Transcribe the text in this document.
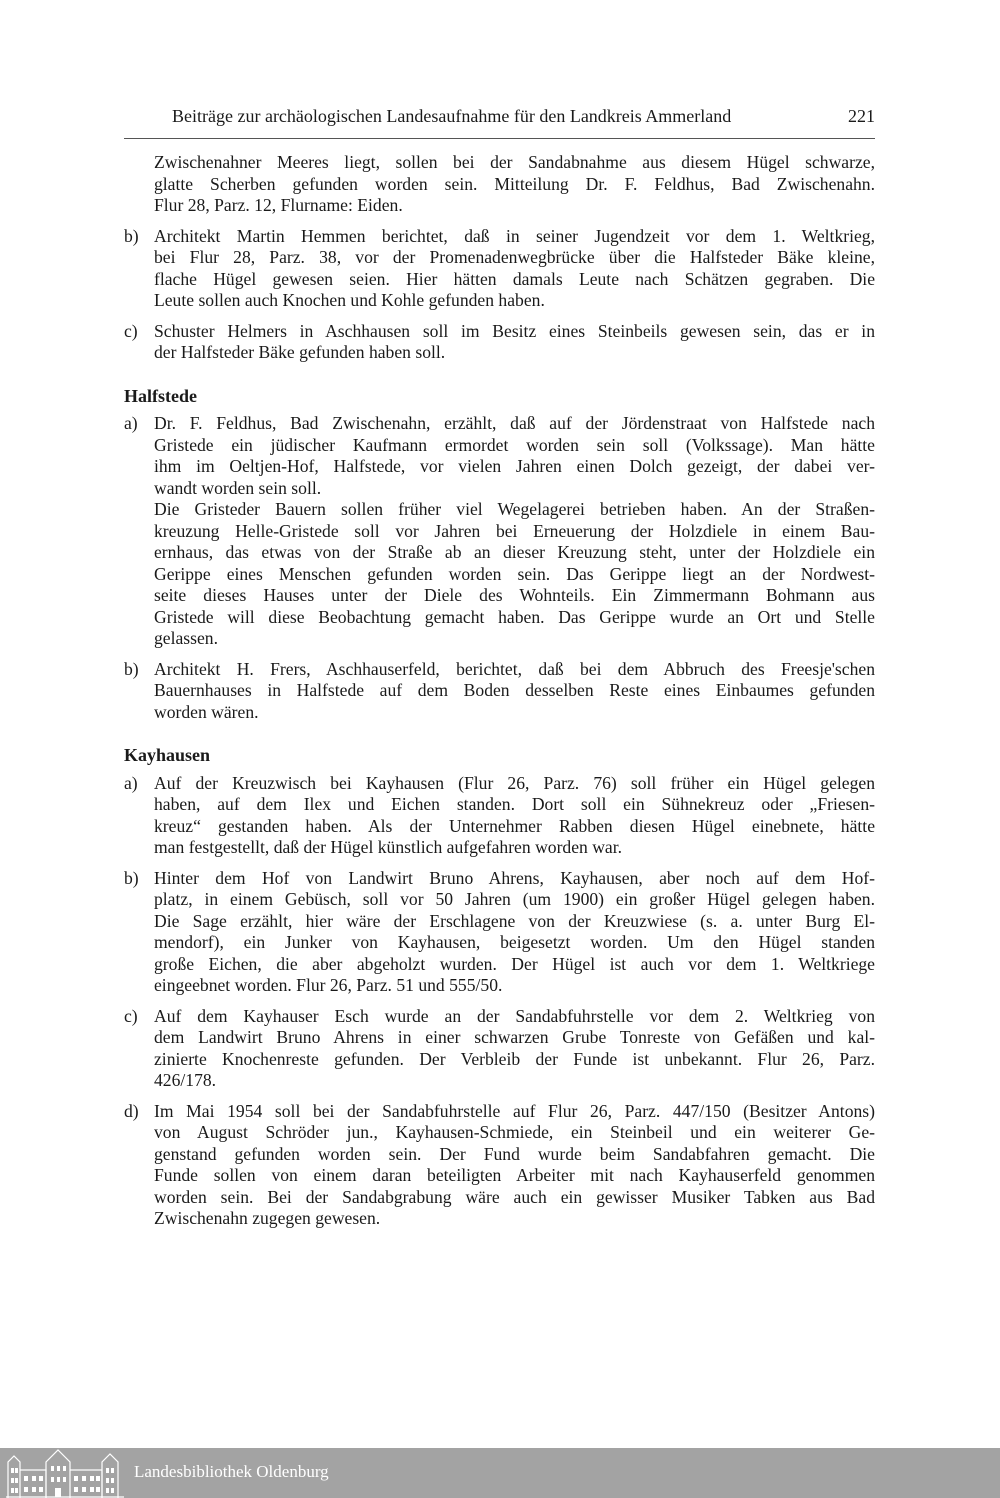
Beiträge zur archäologischen Landesaufnahme für den Landkreis Ammerland	221
Zwischenahner Meeres liegt, sollen bei der Sandabnahme aus diesem Hügel schwarze,
glatte Scherben gefunden worden sein. Mitteilung Dr. F. Feldhus, Bad Zwischenahn.
Flur 28, Parz. 12, Flurname: Eiden.
b) Architekt Martin Hemmen berichtet, daß in seiner Jugendzeit vor dem 1. Weltkrieg,
bei Flur 28, Parz. 38, vor der Promenadenwegbrücke über die Halfsteder Bäke kleine,
flache Hügel gewesen seien. Hier hätten damals Leute nach Schätzen gegraben. Die
Leute sollen auch Knochen und Kohle gefunden haben.
c) Schuster Helmers in Aschhausen soll im Besitz eines Steinbeils gewesen sein, das er in
der Halfsteder Bäke gefunden haben soll.
Halfstede
a) Dr. F. Feldhus, Bad Zwischenahn, erzählt, daß auf der Jördenstraat von Halfstede nach
Gristede ein jüdischer Kaufmann ermordet worden sein soll (Volkssage). Man hätte
ihm im Oeltjen-Hof, Halfstede, vor vielen Jahren einen Dolch gezeigt, der dabei ver-
wandt worden sein soll.
Die Gristeder Bauern sollen früher viel Wegelagerei betrieben haben. An der Straßen-
kreuzung Helle-Gristede soll vor Jahren bei Erneuerung der Holzdiele in einem Bau-
ernhaus, das etwas von der Straße ab an dieser Kreuzung steht, unter der Holzdiele ein
Gerippe eines Menschen gefunden worden sein. Das Gerippe liegt an der Nordwest-
seite dieses Hauses unter der Diele des Wohnteils. Ein Zimmermann Bohmann aus
Gristede will diese Beobachtung gemacht haben. Das Gerippe wurde an Ort und Stelle
gelassen.
b) Architekt H. Frers, Aschhauserfeld, berichtet, daß bei dem Abbruch des Freesje'schen
Bauernhauses in Halfstede auf dem Boden desselben Reste eines Einbaumes gefunden
worden wären.
Kayhausen
a) Auf der Kreuzwisch bei Kayhausen (Flur 26, Parz. 76) soll früher ein Hügel gelegen
haben, auf dem Ilex und Eichen standen. Dort soll ein Sühnekreuz oder „Friesen-
kreuz“ gestanden haben. Als der Unternehmer Rabben diesen Hügel einebnete, hätte
man festgestellt, daß der Hügel künstlich aufgefahren worden war.
b) Hinter dem Hof von Landwirt Bruno Ahrens, Kayhausen, aber noch auf dem Hof-
platz, in einem Gebüsch, soll vor 50 Jahren (um 1900) ein großer Hügel gelegen haben.
Die Sage erzählt, hier wäre der Erschlagene von der Kreuzwiese (s. a. unter Burg El-
mendorf), ein Junker von Kayhausen, beigesetzt worden. Um den Hügel standen
große Eichen, die aber abgeholzt wurden. Der Hügel ist auch vor dem 1. Weltkriege
eingeebnet worden. Flur 26, Parz. 51 und 555/50.
c) Auf dem Kayhauser Esch wurde an der Sandabfuhrstelle vor dem 2. Weltkrieg von
dem Landwirt Bruno Ahrens in einer schwarzen Grube Tonreste von Gefäßen und kal-
zinierte Knochenreste gefunden. Der Verbleib der Funde ist unbekannt. Flur 26, Parz.
426/178.
d) Im Mai 1954 soll bei der Sandabfuhrstelle auf Flur 26, Parz. 447/150 (Besitzer Antons)
von August Schröder jun., Kayhausen-Schmiede, ein Steinbeil und ein weiterer Ge-
genstand gefunden worden sein. Der Fund wurde beim Sandabfahren gemacht. Die
Funde sollen von einem daran beteiligten Arbeiter mit nach Kayhauserfeld genommen
worden sein. Bei der Sandabgrabung wäre auch ein gewisser Musiker Tabken aus Bad
Zwischenahn zugegen gewesen.
Landesbibliothek Oldenburg
